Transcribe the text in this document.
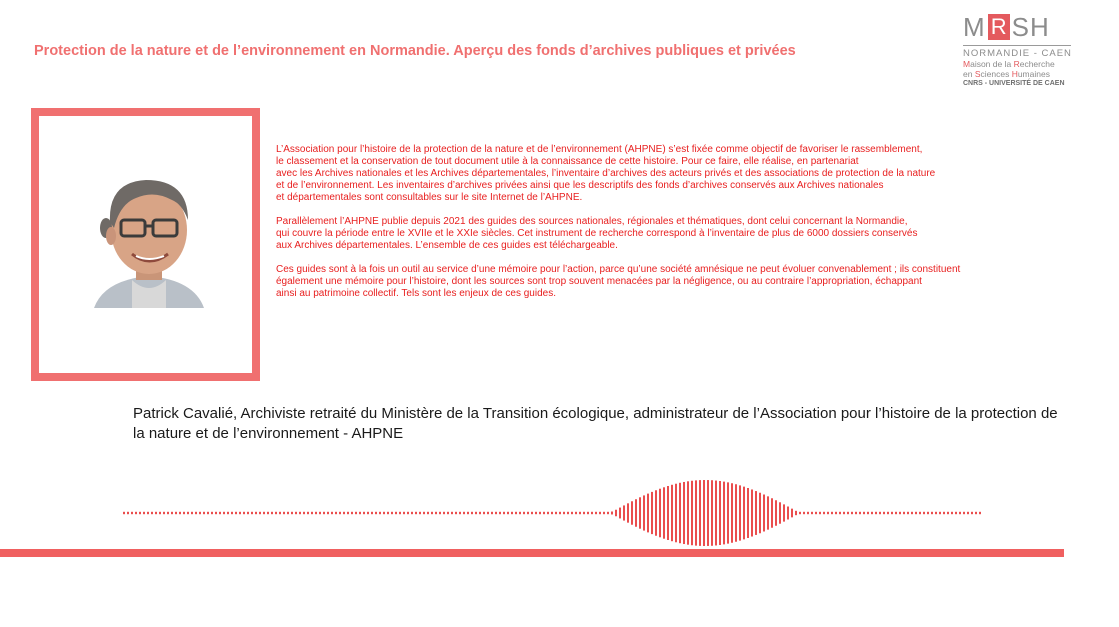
Protection de la nature et de l’environnement en Normandie. Aperçu des fonds d’archives publiques et privées
M R SH
NORMANDIE - CAEN
Maison de la Recherche
en Sciences Humaines
CNRS - UNIVERSITÉ DE CAEN

L’Association pour l’histoire de la protection de la nature et de l’environnement (AHPNE) s’est fixée comme objectif de favoriser le rassemblement,
le classement et la conservation de tout document utile à la connaissance de cette histoire. Pour ce faire, elle réalise, en partenariat
avec les Archives nationales et les Archives départementales, l’inventaire d’archives des acteurs privés et des associations de protection de la nature
et de l’environnement. Les inventaires d’archives privées ainsi que les descriptifs des fonds d’archives conservés aux Archives nationales
et départementales sont consultables sur le site Internet de l’AHPNE.

Parallèlement l’AHPNE publie depuis 2021 des guides des sources nationales, régionales et thématiques, dont celui concernant la Normandie,
qui couvre la période entre le XVIIe et le XXIe siècles. Cet instrument de recherche correspond à l’inventaire de plus de 6000 dossiers conservés
aux Archives départementales. L’ensemble de ces guides est téléchargeable.

Ces guides sont à la fois un outil au service d’une mémoire pour l’action, parce qu’une société amnésique ne peut évoluer convenablement ; ils constituent
également une mémoire pour l’histoire, dont les sources sont trop souvent menacées par la négligence, ou au contraire l’appropriation, échappant
ainsi au patrimoine collectif. Tels sont les enjeux de ces guides.

Patrick Cavalié, Archiviste retraité du Ministère de la Transition écologique, administrateur de l’Association pour l’histoire de la protection de la nature et de l’environnement - AHPNE
